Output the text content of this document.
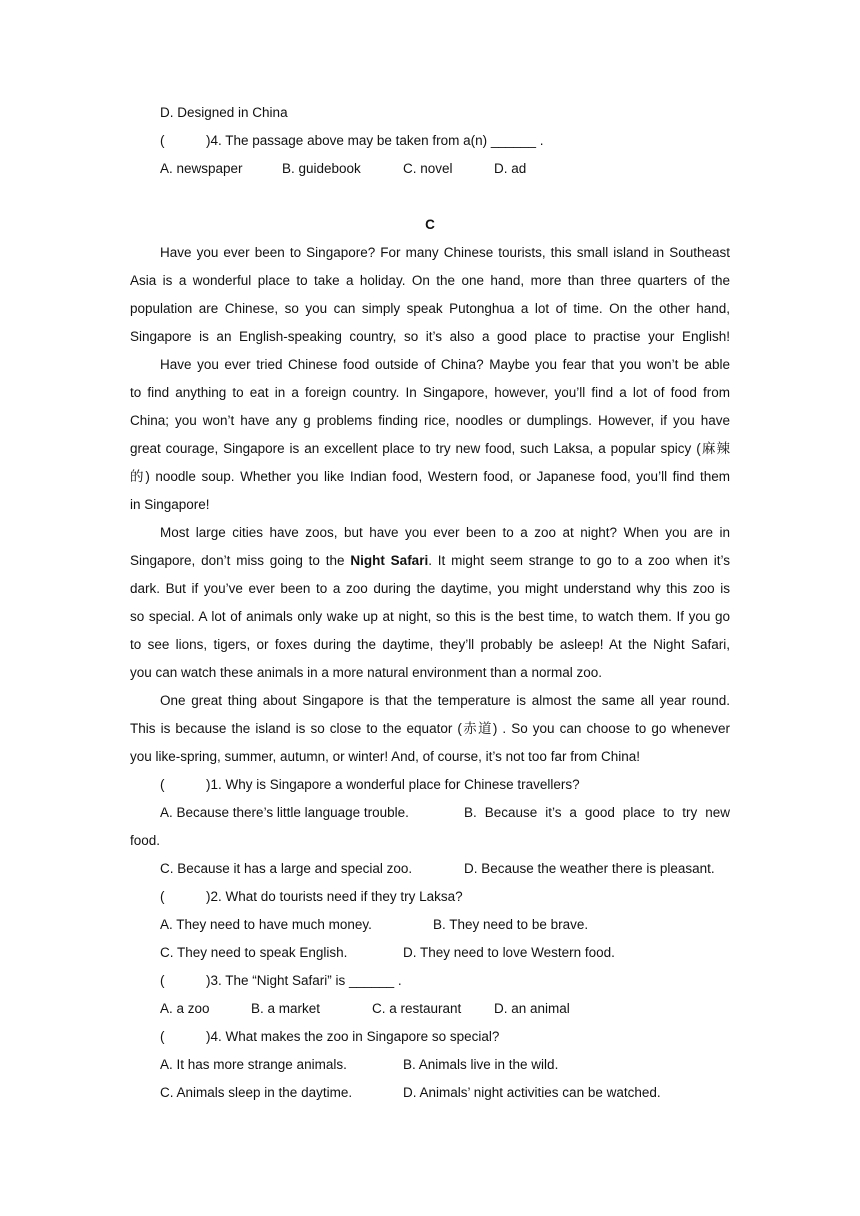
D. Designed in China
(	)4. The passage above may be taken from a(n) ______ .
A. newspaper	B. guidebook	C. novel	D. ad
C
Have you ever been to Singapore? For many Chinese tourists, this small island in Southeast
Asia is a wonderful place to take a holiday. On the one hand, more than three quarters of the
population are Chinese, so you can simply speak Putonghua a lot of time. On the other hand,
Singapore is an English-speaking country, so it’s also a good place to practise your English!
Have you ever tried Chinese food outside of China? Maybe you fear that you won’t be able
to find anything to eat in a foreign country. In Singapore, however, you’ll find a lot of food from
China; you won’t have any g problems finding rice, noodles or dumplings. However, if you have
great courage, Singapore is an excellent place to try new food, such Laksa, a popular spicy (麻辣
的) noodle soup. Whether you like Indian food, Western food, or Japanese food, you’ll find them
in Singapore!
Most large cities have zoos, but have you ever been to a zoo at night? When you are in
Singapore, don’t miss going to the Night Safari. It might seem strange to go to a zoo when it’s
dark. But if you’ve ever been to a zoo during the daytime, you might understand why this zoo is
so special. A lot of animals only wake up at night, so this is the best time, to watch them. If you go
to see lions, tigers, or foxes during the daytime, they’ll probably be asleep! At the Night Safari,
you can watch these animals in a more natural environment than a normal zoo.
One great thing about Singapore is that the temperature is almost the same all year round.
This is because the island is so close to the equator (赤道) . So you can choose to go whenever
you like-spring, summer, autumn, or winter! And, of course, it’s not too far from China!
(	)1. Why is Singapore a wonderful place for Chinese travellers?
A. Because there’s little language trouble.	B.  Because  it’s  a  good  place  to  try  new
food.
C. Because it has a large and special zoo.	D. Because the weather there is pleasant.
(	)2. What do tourists need if they try Laksa?
A. They need to have much money.	B. They need to be brave.
C. They need to speak English.	D. They need to love Western food.
(	)3. The “Night Safari” is ______ .
A. a zoo	B. a market	C. a restaurant D. an animal
(	)4. What makes the zoo in Singapore so special?
A. It has more strange animals.	B. Animals live in the wild.
C. Animals sleep in the daytime.	D. Animals’ night activities can be watched.
